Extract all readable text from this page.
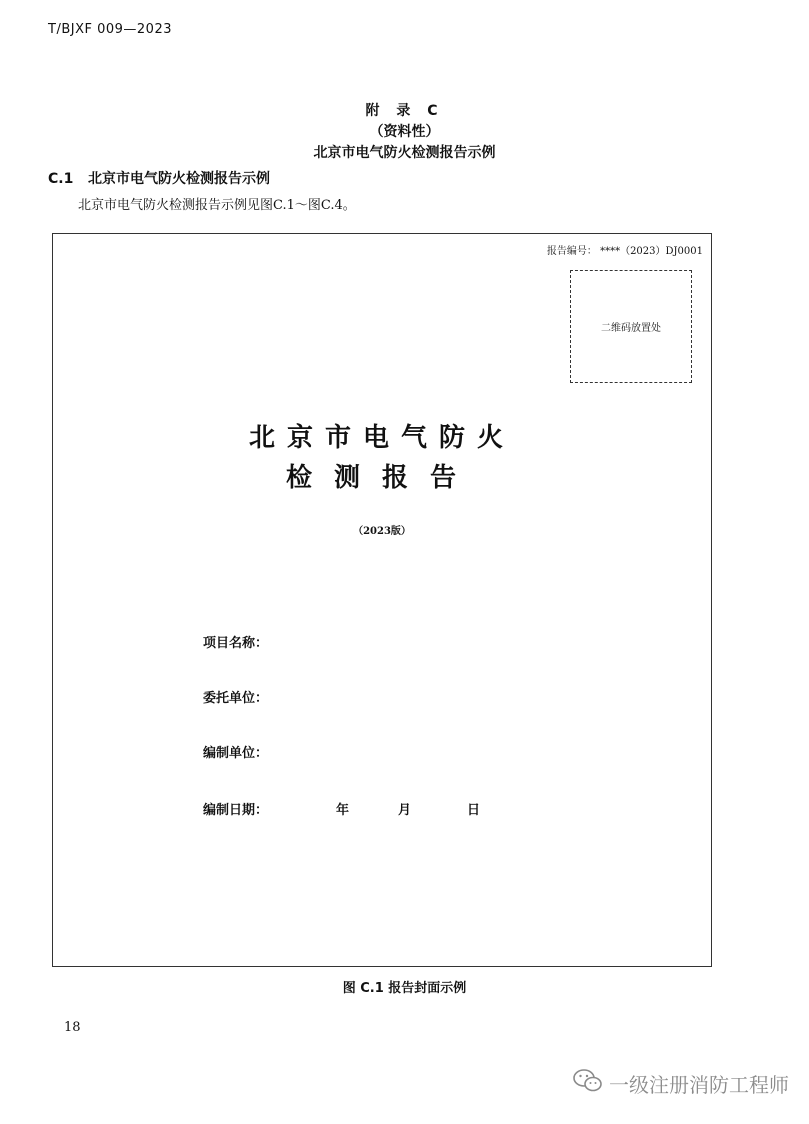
T/BJXF 009—2023
附 录 C
（资料性）
北京市电气防火检测报告示例
C.1 北京市电气防火检测报告示例
北京市电气防火检测报告示例见图C.1～图C.4。
报告编号： ****（2023）DJ0001
二维码放置处
北京市电气防火
检测报告
（2023版）
项目名称：
委托单位：
编制单位：
编制日期：	年	月	日
图 C.1 报告封面示例
18
一级注册消防工程师
